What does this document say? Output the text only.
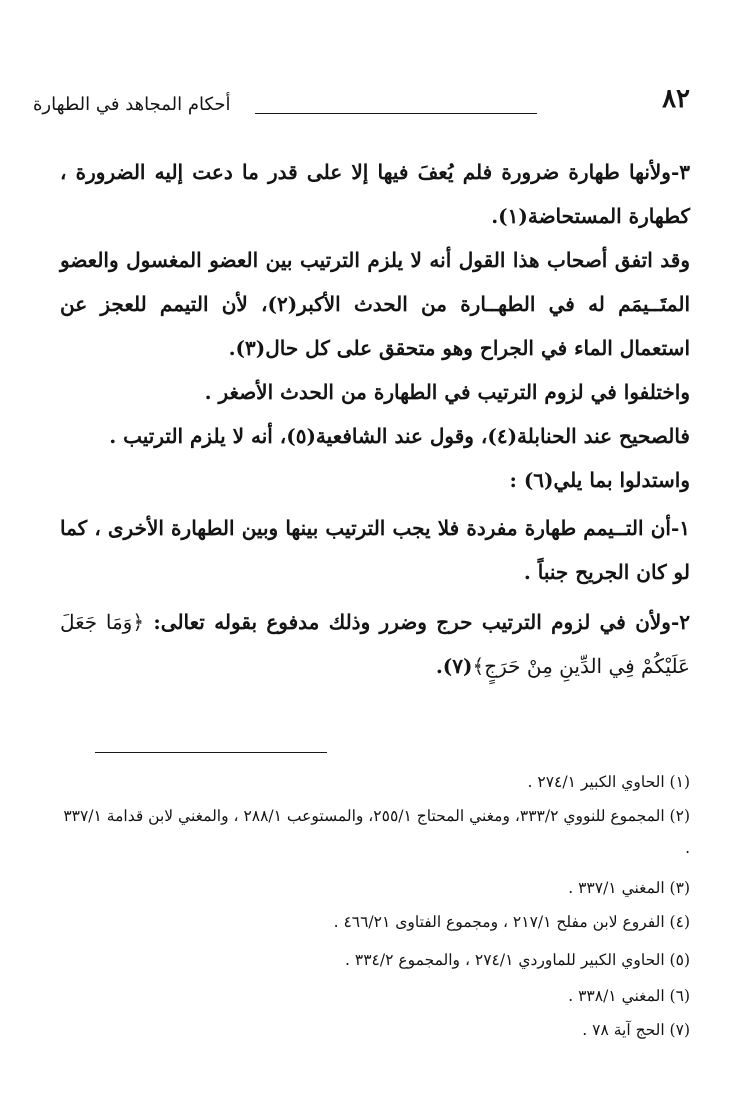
٨٢
أحكام المجاهد في الطهارة

٣-ولأنها طهارة ضرورة فلم يُعفَ فيها إلا على قدر ما دعت إليه الضرورة ، كطهارة المستحاضة(١).

وقد اتفق أصحاب هذا القول أنه لا يلزم الترتيب بين العضو المغسول والعضو المتَــيمَم له في الطهــارة من الحدث الأكبر(٢)، لأن التيمم للعجز عن استعمال الماء في الجراح وهو متحقق على كل حال(٣).

واختلفوا في لزوم الترتيب في الطهارة من الحدث الأصغر .

فالصحيح عند الحنابلة(٤)، وقول عند الشافعية(٥)، أنه لا يلزم الترتيب .

واستدلوا بما يلي(٦) :

١-أن التــيمم طهارة مفردة فلا يجب الترتيب بينها وبين الطهارة الأخرى ، كما لو كان الجريح جنباً .

٢-ولأن في لزوم الترتيب حرج وضرر وذلك مدفوع بقوله تعالى: ﴿وَمَا جَعَلَ عَلَيْكُمْ فِي الدِّينِ مِنْ حَرَجٍ﴾(٧).

(١) الحاوي الكبير ٢٧٤/١ .

(٢) المجموع للنووي ٣٣٣/٢، ومغني المحتاج ٢٥٥/١، والمستوعب ٢٨٨/١ ، والمغني لابن قدامة ٣٣٧/١ .

(٣) المغني ٣٣٧/١ .

(٤) الفروع لابن مفلح ٢١٧/١ ، ومجموع الفتاوى ٤٦٦/٢١ .

(٥) الحاوي الكبير للماوردي ٢٧٤/١ ، والمجموع ٣٣٤/٢ .

(٦) المغني ٣٣٨/١ .

(٧) الحج آية ٧٨ .
